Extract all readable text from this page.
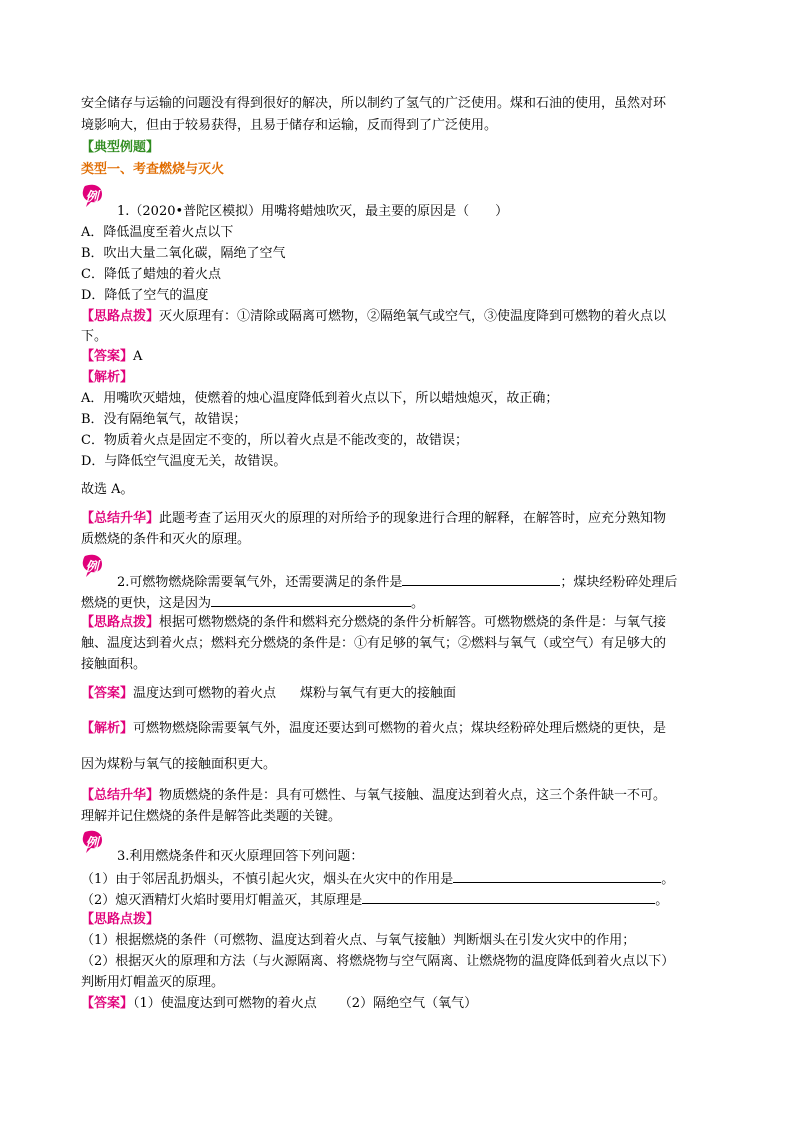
安全储存与运输的问题没有得到很好的解决，所以制约了氢气的广泛使用。煤和石油的使用，虽然对环
境影响大，但由于较易获得，且易于储存和运输，反而得到了广泛使用。
【典型例题】
类型一、考查燃烧与灭火
例
1.（2020•普陀区模拟）用嘴将蜡烛吹灭，最主要的原因是（　　）
A．降低温度至着火点以下
B．吹出大量二氧化碳，隔绝了空气
C．降低了蜡烛的着火点
D．降低了空气的温度
【思路点拨】灭火原理有：①清除或隔离可燃物，②隔绝氧气或空气，③使温度降到可燃物的着火点以
下。
【答案】A
【解析】
A．用嘴吹灭蜡烛，使燃着的烛心温度降低到着火点以下，所以蜡烛熄灭，故正确；
B．没有隔绝氧气，故错误；
C．物质着火点是固定不变的，所以着火点是不能改变的，故错误；
D．与降低空气温度无关，故错误。
故选 A。
【总结升华】此题考查了运用灭火的原理的对所给予的现象进行合理的解释，在解答时，应充分熟知物
质燃烧的条件和灭火的原理。
例
2.可燃物燃烧除需要氧气外，还需要满足的条件是	；煤块经粉碎处理后
燃烧的更快，这是因为	。
【思路点拨】根据可燃物燃烧的条件和燃料充分燃烧的条件分析解答。可燃物燃烧的条件是：与氧气接
触、温度达到着火点；燃料充分燃烧的条件是：①有足够的氧气；②燃料与氧气（或空气）有足够大的
接触面积。
【答案】温度达到可燃物的着火点 煤粉与氧气有更大的接触面
【解析】可燃物燃烧除需要氧气外，温度还要达到可燃物的着火点；煤块经粉碎处理后燃烧的更快，是
因为煤粉与氧气的接触面积更大。
【总结升华】物质燃烧的条件是：具有可燃性、与氧气接触、温度达到着火点，这三个条件缺一不可。
理解并记住燃烧的条件是解答此类题的关键。
例
3.利用燃烧条件和灭火原理回答下列问题：
（1）由于邻居乱扔烟头，不慎引起火灾，烟头在火灾中的作用是	。
（2）熄灭酒精灯火焰时要用灯帽盖灭，其原理是	。
【思路点拨】
（1）根据燃烧的条件（可燃物、温度达到着火点、与氧气接触）判断烟头在引发火灾中的作用；
（2）根据灭火的原理和方法（与火源隔离、将燃烧物与空气隔离、让燃烧物的温度降低到着火点以下）
判断用灯帽盖灭的原理。
【答案】（1）使温度达到可燃物的着火点 （2）隔绝空气（氧气）
